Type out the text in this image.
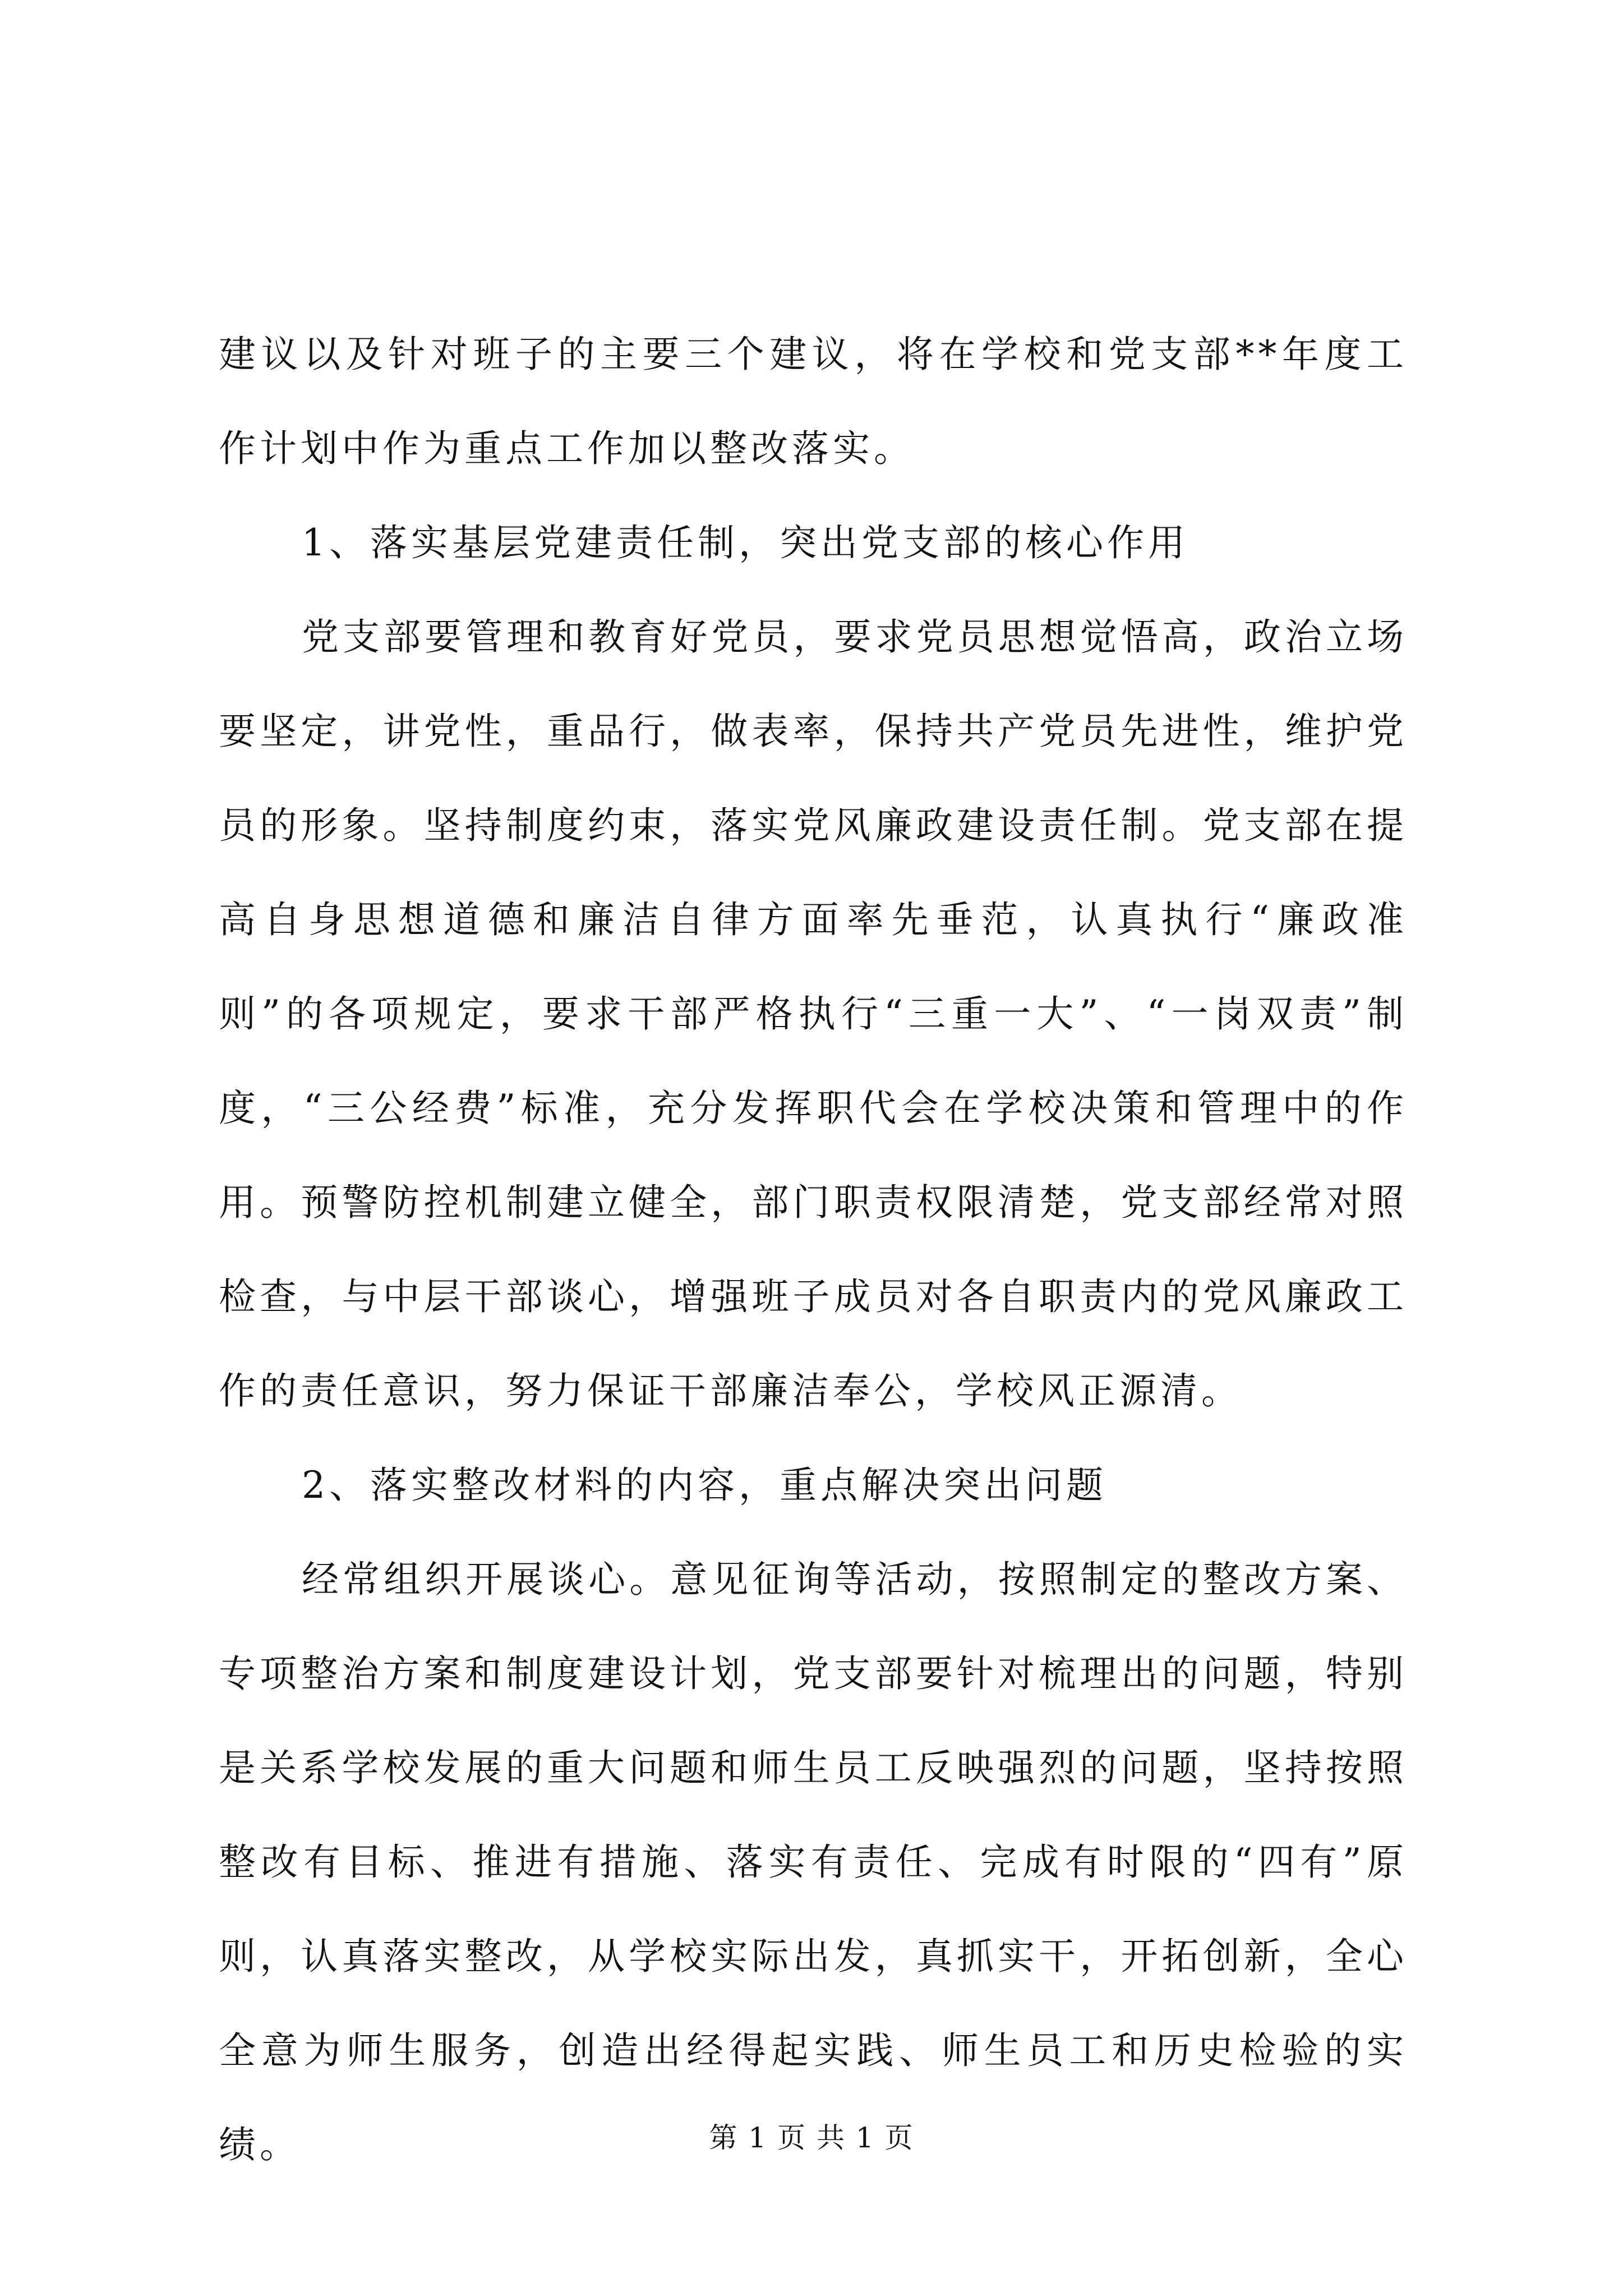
建议以及针对班子的主要三个建议，将在学校和党支部**年度工作计划中作为重点工作加以整改落实。

1、落实基层党建责任制，突出党支部的核心作用

党支部要管理和教育好党员，要求党员思想觉悟高，政治立场要坚定，讲党性，重品行，做表率，保持共产党员先进性，维护党员的形象。坚持制度约束，落实党风廉政建设责任制。党支部在提高自身思想道德和廉洁自律方面率先垂范，认真执行“廉政准则”的各项规定，要求干部严格执行“三重一大”、“一岗双责”制度，“三公经费”标准，充分发挥职代会在学校决策和管理中的作用。预警防控机制建立健全，部门职责权限清楚，党支部经常对照检查，与中层干部谈心，增强班子成员对各自职责内的党风廉政工作的责任意识，努力保证干部廉洁奉公，学校风正源清。

2、落实整改材料的内容，重点解决突出问题

经常组织开展谈心。意见征询等活动，按照制定的整改方案、专项整治方案和制度建设计划，党支部要针对梳理出的问题，特别是关系学校发展的重大问题和师生员工反映强烈的问题，坚持按照整改有目标、推进有措施、落实有责任、完成有时限的“四有”原则，认真落实整改，从学校实际出发，真抓实干，开拓创新，全心全意为师生服务，创造出经得起实践、师生员工和历史检验的实绩。	第 1 页 共 1 页
